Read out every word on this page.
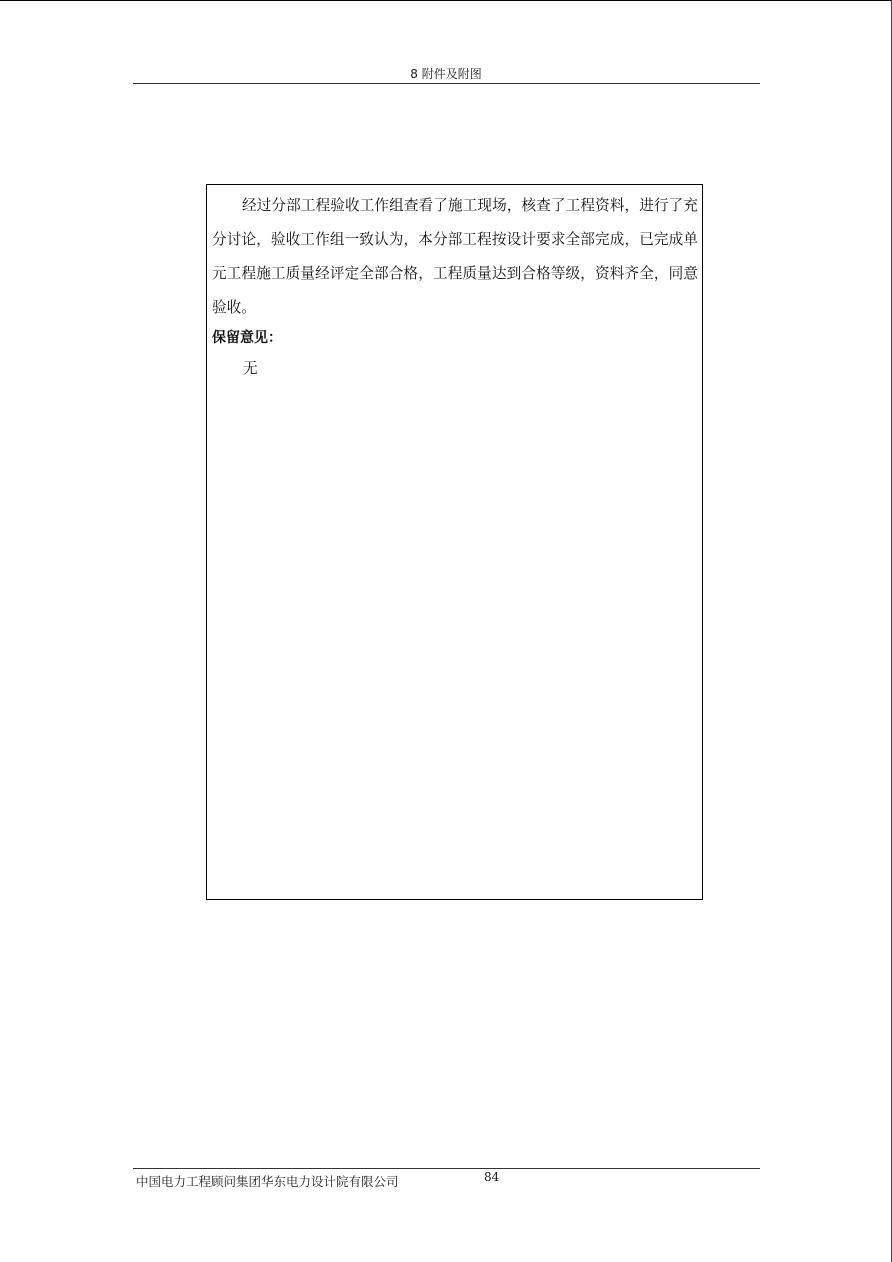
8 附件及附图

经过分部工程验收工作组查看了施工现场，核查了工程资料，进行了充分讨论，验收工作组一致认为，本分部工程按设计要求全部完成，已完成单元工程施工质量经评定全部合格，工程质量达到合格等级，资料齐全，同意验收。

保留意见：
无
中国电力工程顾问集团华东电力设计院有限公司	84
